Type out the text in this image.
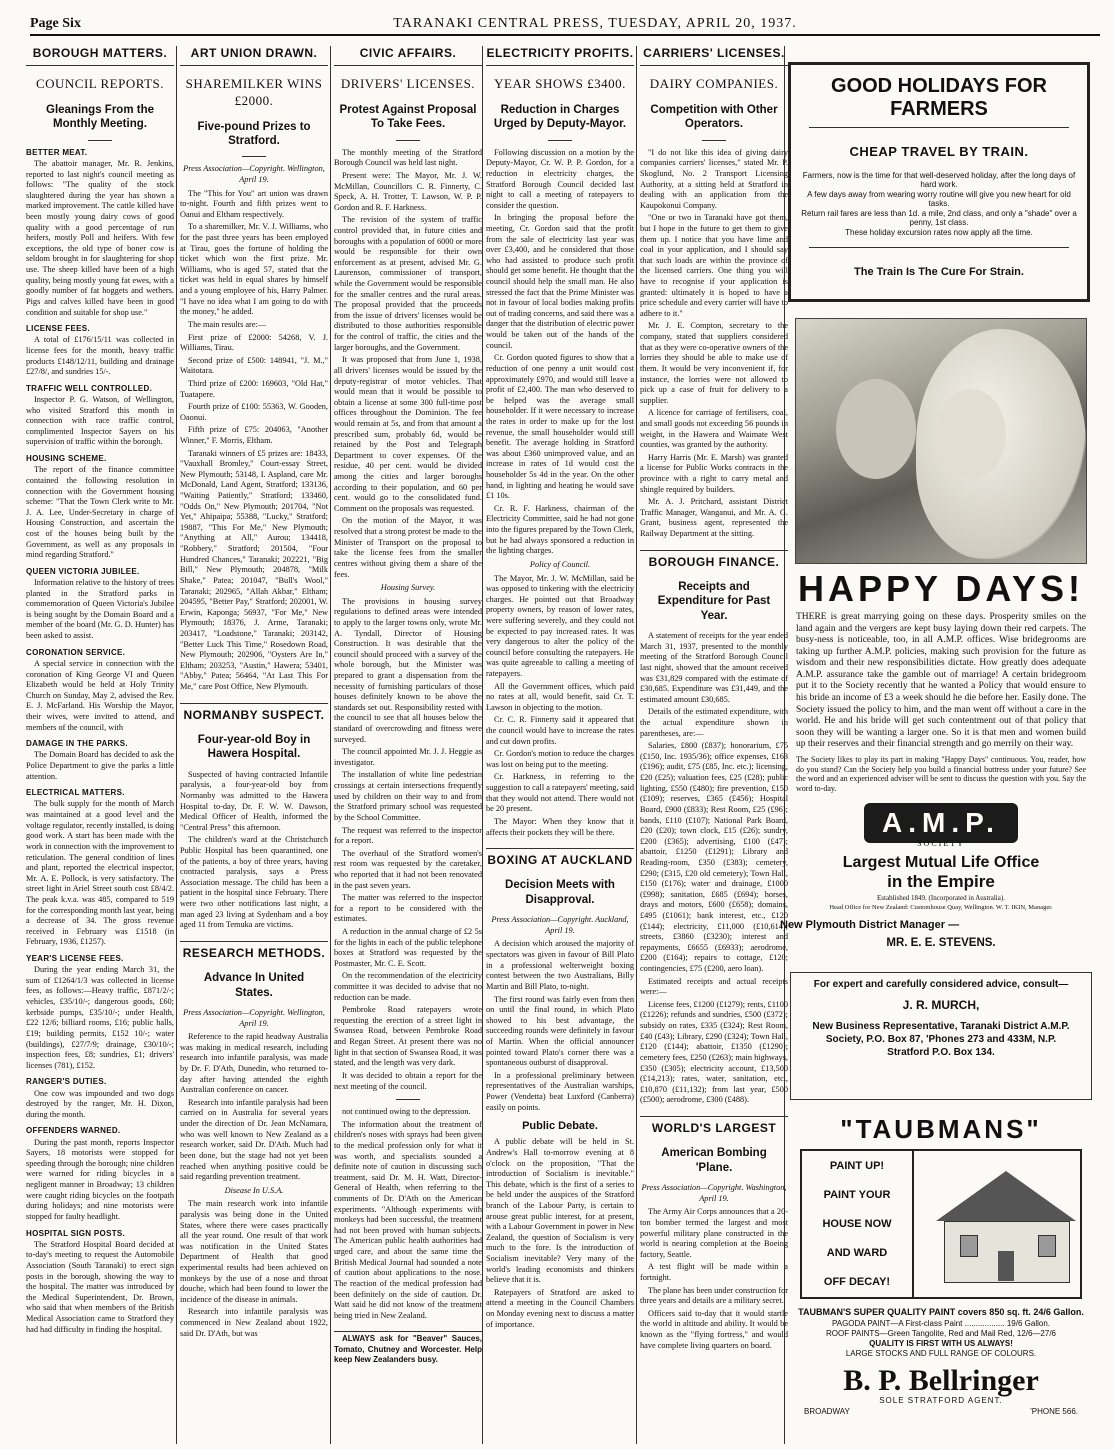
Page Six	TARANAKI CENTRAL PRESS, TUESDAY, APRIL 20, 1937.
BOROUGH MATTERS.
COUNCIL REPORTS.
Gleanings From the Monthly Meeting.
BETTER MEAT.

The abattoir manager, Mr. R. Jenkins, reported to last night's council meeting as follows: "The quality of the stock slaughtered during the year has shown a marked improvement. The cattle killed have been mostly young dairy cows of good quality with a good percentage of run heifers, mostly Poll and heifers. With few exceptions, the old type of boner cow is seldom brought in for slaughtering for shop use. The sheep killed have been of a high quality, being mostly young fat ewes, with a goodly number of fat hoggets and wethers. Pigs and calves killed have been in good condition and suitable for shop use."

LICENSE FEES.

A total of £176/15/11 was collected in license fees for the month, heavy traffic products £148/12/11, building and drainage £27/8/, and sundries 15/-.

TRAFFIC WELL CONTROLLED.

Inspector P. G. Watson, of Wellington, who visited Stratford this month in connection with race traffic control, complimented Inspector Sayers on his supervision of traffic within the borough.

HOUSING SCHEME.

The report of the finance committee contained the following resolution in connection with the Government housing scheme: "That the Town Clerk write to Mr. J. A. Lee, Under-Secretary in charge of Housing Construction, and ascertain the cost of the houses being built by the Government, as well as any proposals in mind regarding Stratford."

QUEEN VICTORIA JUBILEE.

Information relative to the history of trees planted in the Stratford parks in commemoration of Queen Victoria's Jubilee is being sought by the Domain Board and a member of the board (Mr. G. D. Hunter) has been asked to assist.

CORONATION SERVICE.

A special service in connection with the coronation of King George VI and Queen Elizabeth would be held at Holy Trinity Church on Sunday, May 2, advised the Rev. E. J. McFarland. His Worship the Mayor, their wives, were invited to attend, and members of the council, with

DAMAGE IN THE PARKS.

The Domain Board has decided to ask the Police Department to give the parks a little attention.

ELECTRICAL MATTERS.

The bulk supply for the month of March was maintained at a good level and the voltage regulator, recently installed, is doing good work. A start has been made with the work in connection with the improvement to reticulation. The general condition of lines and plant, reported the electrical inspector, Mr. A. E. Pollock, is very satisfactory. The street light in Ariel Street south cost £8/4/2. The peak k.v.a. was 485, compared to 519 for the corresponding month last year, being a decrease of 34. The gross revenue received in February was £1518 (in February, 1936, £1257).

YEAR'S LICENSE FEES.

During the year ending March 31, the sum of £1264/1/3 was collected in license fees, as follows:—Heavy traffic, £871/2/-; vehicles, £35/10/-; dangerous goods, £60; kerbside pumps, £35/10/-; under Health, £22 12/6; billiard rooms, £16; public halls, £19; building permits, £152 10/-; water (buildings), £27/7/9; drainage, £30/10/-; inspection fees, £8; sundries, £1; drivers' licenses (781), £152.

RANGER'S DUTIES.

One cow was impounded and two dogs destroyed by the ranger, Mr. H. Dixon, during the month.

OFFENDERS WARNED.

During the past month, reports Inspector Sayers, 18 motorists were stopped for speeding through the borough; nine children were warned for riding bicycles in a negligent manner in Broadway; 13 children were caught riding bicycles on the footpath during holidays; and nine motorists were stopped for faulty headlight.

HOSPITAL SIGN POSTS.

The Stratford Hospital Board decided at to-day's meeting to request the Automobile Association (South Taranaki) to erect sign posts in the borough, showing the way to the hospital. The matter was introduced by the Medical Superintendent, Dr. Brown, who said that when members of the British Medical Association came to Stratford they had had difficulty in finding the hospital.

ART UNION DRAWN.
SHAREMILKER WINS £2000.
Five-pound Prizes to Stratford.
Press Association—Copyright. Wellington, April 19.

The "This for You" art union was drawn to-night. Fourth and fifth prizes went to Oanui and Eltham respectively.

To a sharemilker, Mr. V. J. Williams, who for the past three years has been employed at Tirau, goes the fortune of holding the ticket which won the first prize. Mr. Williams, who is aged 57, stated that the ticket was held in equal shares by himself and a young employee of his, Harry Palmer. "I have no idea what I am going to do with the money," he added.

The main results are:—

First prize of £2000: 54268, V. J. Williams, Tirau.

Second prize of £500: 148941, "J. M.," Waitotara.

Third prize of £200: 169603, "Old Hat," Tuatapere.

Fourth prize of £100: 55363, W. Gooden, Oaonui.

Fifth prize of £75: 204063, "Another Winner," F. Morris, Eltham.

Taranaki winners of £5 prizes are: 18433, "Vauxhall Bromley," Court-essay Street, New Plymouth; 53148, I. Aspland, care Mr. McDonald, Land Agent, Stratford; 133136, "Waiting Patiently," Stratford; 133460, "Odds On," New Plymouth; 201704, "Not Yet," Ahipaipa; 55388, "Lucky," Stratford; 19887, "This For Me," New Plymouth; "Anything at All," Aurou; 134418, "Robbery," Stratford; 201504, "Four Hundred Chances," Taranaki; 202221, "Big Bill," New Plymouth; 204878, "Milk Shake," Patea; 201047, "Bull's Wool," Taranaki; 202965, "Allah Akbar," Eltham; 204595, "Better Pay," Stratford; 202001, W. Erwin, Kaponga; 56937, "For Me," New Plymouth; 18376, J. Arme, Taranaki; 203417, "Loadstone," Taranaki; 203142, "Better Luck This Time," Rosedown Road, New Plymouth; 202906, "Oysters Are In," Eltham; 203253, "Austin," Hawera; 53401, "Abby," Patea; 56464, "At Last This For Me," care Post Office, New Plymouth.

NORMANBY SUSPECT.
Four-year-old Boy in Hawera Hospital.

Suspected of having contracted Infantile paralysis, a four-year-old boy from Normanby was admitted to the Hawera Hospital to-day, Dr. F. W. W. Dawson, Medical Officer of Health, informed the "Central Press" this afternoon.

The children's ward at the Christchurch Public Hospital has been quarantined, one of the patients, a boy of three years, having contracted paralysis, says a Press Association message. The child has been a patient in the hospital since February. There were two other notifications last night, a man aged 23 living at Sydenham and a boy aged 11 from Temuka are victims.

RESEARCH METHODS.
Advance In United States.
Press Association—Copyright. Wellington, April 19.

Reference to the rapid headway Australia was making in medical research, including research into infantile paralysis, was made by Dr. F. D'Ath, Dunedin, who returned to-day after having attended the eighth Australian conference on cancer.

Research into infantile paralysis had been carried on in Australia for several years under the direction of Dr. Jean McNamara, who was well known to New Zealand as a research worker, said Dr. D'Ath. Much had been done, but the stage had not yet been reached when anything positive could be said regarding prevention treatment.

Disease In U.S.A.

The main research work into infantile paralysis was being done in the United States, where there were cases practically all the year round. One result of that work was notification in the United States Department of Health that good experimental results had been achieved on monkeys by the use of a nose and throat douche, which had been found to lower the incidence of the disease in animals.

Research into infantile paralysis was commenced in New Zealand about 1922, said Dr. D'Ath, but was

CIVIC AFFAIRS.
DRIVERS' LICENSES.
Protest Against Proposal To Take Fees.

The monthly meeting of the Stratford Borough Council was held last night.

Present were: The Mayor, Mr. J. W. McMillan, Councillors C. R. Finnerty, C. Speck, A. H. Trotter, T. Lawson, W. P. P. Gordon and R. F. Harkness.

The revision of the system of traffic control provided that, in future cities and boroughs with a population of 6000 or more would be responsible for their own enforcement as at present, advised Mr. G. Laurenson, commissioner of transport, while the Government would be responsible for the smaller centres and the rural areas. The proposal provided that the proceeds from the issue of drivers' licenses would be distributed to those authorities responsible for the control of traffic, the cities and the larger boroughs, and the Government.

It was proposed that from June 1, 1938, all drivers' licenses would be issued by the deputy-registrar of motor vehicles. That would mean that it would be possible to obtain a license at some 300 full-time post offices throughout the Dominion. The fee would remain at 5s, and from that amount a prescribed sum, probably 6d, would be retained by the Post and Telegraph Department to cover expenses. Of the residue, 40 per cent. would be divided among the cities and larger boroughs according to their population, and 60 per cent. would go to the consolidated fund. Comment on the proposals was requested.

On the motion of the Mayor, it was resolved that a strong protest be made to the Minister of Transport on the proposal to take the license fees from the smaller centres without giving them a share of the fees.

Housing Survey.

The provisions in housing survey regulations to defined areas were intended to apply to the larger towns only, wrote Mr. A. Tyndall, Director of Housing Construction. It was desirable that the council should proceed with a survey of the whole borough, but the Minister was prepared to grant a dispensation from the necessity of furnishing particulars of those houses definitely known to be above the standards set out. Responsibility rested with the council to see that all houses below the standard of overcrowding and fitness were surveyed.

The council appointed Mr. J. J. Heggie as investigator.

The installation of white line pedestrian crossings at certain intersections frequently used by children on their way to and from the Stratford primary school was requested by the School Committee.

The request was referred to the inspector for a report.

The overhaul of the Stratford women's rest room was requested by the caretaker, who reported that it had not been renovated in the past seven years.

The matter was referred to the inspector for a report to be considered with the estimates.

A reduction in the annual charge of £2 5s for the lights in each of the public telephone boxes at Stratford was requested by the Postmaster, Mr. C. E. Scott.

On the recommendation of the electricity committee it was decided to advise that no reduction can be made.

Pembroke Road ratepayers wrote requesting the erection of a street light in Swansea Road, between Pembroke Road and Regan Street. At present there was no light in that section of Swansea Road, it was stated, and the length was very dark.

It was decided to obtain a report for the next meeting of the council.

not continued owing to the depression.

The information about the treatment of children's noses with sprays had been given to the medical profession only for what it was worth, and specialists sounded a definite note of caution in discussing such treatment, said Dr. M. H. Watt, Director-General of Health, when referring to the comments of Dr. D'Ath on the American experiments. "Although experiments with monkeys had been successful, the treatment had not been proved with human subjects. The American public health authorities had urged care, and about the same time the British Medical Journal had sounded a note of caution about applications to the nose. The reaction of the medical profession had been definitely on the side of caution. Dr. Watt said he did not know of the treatment being tried in New Zealand.

ALWAYS ask for "Beaver" Sauces, Tomato, Chutney and Worcester. Help keep New Zealanders busy.

ELECTRICITY PROFITS.
YEAR SHOWS £3400.
Reduction in Charges Urged by Deputy-Mayor.

Following discussion on a motion by the Deputy-Mayor, Cr. W. P. P. Gordon, for a reduction in electricity charges, the Stratford Borough Council decided last night to call a meeting of ratepayers to consider the question.

In bringing the proposal before the meeting, Cr. Gordon said that the profit from the sale of electricity last year was over £3,400, and he considered that those who had assisted to produce such profit should get some benefit. He thought that the council should help the small man. He also stressed the fact that the Prime Minister was not in favour of local bodies making profits out of trading concerns, and said there was a danger that the distribution of electric power would be taken out of the hands of the council.

Cr. Gordon quoted figures to show that a reduction of one penny a unit would cost approximately £970, and would still leave a profit of £2,400. The man who deserved to be helped was the average small householder. If it were necessary to increase the rates in order to make up for the lost revenue, the small householder would still benefit. The average holding in Stratford was about £360 unimproved value, and an increase in rates of 1d would cost the householder 5s 4d in the year. On the other hand, in lighting and heating he would save £1 10s.

Cr. R. F. Harkness, chairman of the Electricity Committee, said he had not gone into the figures prepared by the Town Clerk, but he had always sponsored a reduction in the lighting charges.

Policy of Council.

The Mayor, Mr. J. W. McMillan, said he was opposed to tinkering with the electricity charges. He pointed out that Broadway property owners, by reason of lower rates, were suffering severely, and they could not be expected to pay increased rates. It was very dangerous to alter the policy of the council before consulting the ratepayers. He was quite agreeable to calling a meeting of ratepayers.

All the Government offices, which paid no rates at all, would benefit, said Cr. T. Lawson in objecting to the motion.

Cr. C. R. Finnerty said it appeared that the council would have to increase the rates and cut down profits.

Cr. Gordon's motion to reduce the charges was lost on being put to the meeting.

Cr. Harkness, in referring to the suggestion to call a ratepayers' meeting, said that they would not attend. There would not be 20 present.

The Mayor: When they know that it affects their pockets they will be there.

BOXING AT AUCKLAND
Decision Meets with Disapproval.
Press Association—Copyright. Auckland, April 19.

A decision which aroused the majority of spectators was given in favour of Bill Plato in a professional welterweight boxing contest between the two Australians, Billy Martin and Bill Plato, to-night.

The first round was fairly even from then on until the final round, in which Plato showed to his best advantage, the succeeding rounds were definitely in favour of Martin. When the official announcer pointed toward Plato's corner there was a spontaneous outburst of disapproval.

In a professional preliminary between representatives of the Australian warships, Power (Vendetta) beat Luxford (Canberra) easily on points.

Public Debate.

A public debate will be held in St. Andrew's Hall to-morrow evening at 8 o'clock on the proposition, "That the introduction of Socialism is inevitable." This debate, which is the first of a series to be held under the auspices of the Stratford branch of the Labour Party, is certain to arouse great public interest, for at present, with a Labour Government in power in New Zealand, the question of Socialism is very much to the fore. Is the introduction of Socialism inevitable? Very many of the world's leading economists and thinkers believe that it is.

Ratepayers of Stratford are asked to attend a meeting in the Council Chambers on Monday evening next to discuss a matter of importance.

CARRIERS' LICENSES.
DAIRY COMPANIES.
Competition with Other Operators.

"I do not like this idea of giving dairy companies carriers' licenses," stated Mr. P. Skoglund, No. 2 Transport Licensing Authority, at a sitting held at Stratford in dealing with an application from the Kaupokonui Company.

"One or two in Taranaki have got them, but I hope in the future to get them to give them up. I notice that you have lime and coal in your application, and I should say that such loads are within the province of the licensed carriers. One thing you will have to recognise if your application is granted: ultimately it is hoped to have a price schedule and every carrier will have to adhere to it."

Mr. J. E. Compton, secretary to the company, stated that suppliers considered that as they were co-operative owners of the lorries they should be able to make use of them. It would be very inconvenient if, for instance, the lorries were not allowed to pick up a case of fruit for delivery to a supplier.

A licence for carriage of fertilisers, coal, and small goods not exceeding 56 pounds in weight, in the Hawera and Waimate West counties, was granted by the authority.

Harry Harris (Mr. E. Marsh) was granted a license for Public Works contracts in the province with a right to carry metal and shingle required by builders.

Mr. A. J. Pritchard, assistant District Traffic Manager, Wanganui, and Mr. A. G. Grant, business agent, represented the Railway Department at the sitting.

BOROUGH FINANCE.
Receipts and Expenditure for Past Year.

A statement of receipts for the year ended March 31, 1937, presented to the monthly meeting of the Stratford Borough Council last night, showed that the amount received was £31,829 compared with the estimate of £30,685. Expenditure was £31,449, and the estimated amount £30,685.

Details of the estimated expenditure, with the actual expenditure shown in parentheses, are:—

Salaries, £800 (£837); honorarium, £75 (£150, Inc. 1935/36); office expenses, £163 (£196); audit, £75 (£85, Inc. etc.); licensing, £20 (£25); valuation fees, £25 (£28); public lighting, £550 (£480); fire prevention, £150 (£109); reserves, £365 (£456); Hospital Board, £900 (£833); Rest Room, £25 (£96); bands, £110 (£107); National Park Board, £20 (£20); town clock, £15 (£26); sundry, £200 (£365); advertising, £100 (£47); abattoir, £1250 (£1291); Library and Reading-room, £350 (£383); cemetery, £290; (£315, £20 old cemetery); Town Hall, £150 (£176); water and drainage, £1000 (£998); sanitation, £685 (£694); horses, drays and motors, £600 (£658); domains, £495 (£1061); bank interest, etc., £120 (£144); electricity, £11,000 (£10,614); streets, £3860 (£3230); interest and repayments, £6655 (£6933); aerodrome, £200 (£164); repairs to cottage, £120; contingencies, £75 (£200, aero loan).

Estimated receipts and actual receipts were:—

License fees, £1200 (£1279); rents, £1100 (£1226); refunds and sundries, £500 (£372); subsidy on rates, £335 (£324); Rest Room, £40 (£43); Library, £290 (£324); Town Hall, £120 (£144); abattoir, £1350 (£1290); cemetery fees, £250 (£263); main highways, £350 (£305); electricity account, £13,500 (£14,213); rates, water, sanitation, etc., £10,870 (£11,132); from last year, £500 (£500); aerodrome, £300 (£488).

WORLD'S LARGEST
American Bombing 'Plane.
Press Association—Copyright. Washington, April 19.

The Army Air Corps announces that a 20-ton bomber termed the largest and most powerful military plane constructed in the world is nearing completion at the Boeing factory, Seattle.

A test flight will be made within a fortnight.

The plane has been under construction for three years and details are a military secret.

Officers said to-day that it would startle the world in altitude and ability. It would be known as the "flying fortress," and would have complete living quarters on board.

GOOD HOLIDAYS FOR FARMERS
CHEAP TRAVEL BY TRAIN.
Farmers, now is the time for that well-deserved holiday, after the long days of hard work.
A few days away from wearing worry routine will give you new heart for old tasks.
Return rail fares are less than 1d. a mile, 2nd class, and only a "shade" over a penny, 1st class.
These holiday excursion rates now apply all the time.
The Train Is The Cure For Strain.
HAPPY DAYS!
THERE is great marrying going on these days. Prosperity smiles on the land again and the vergers are kept busy laying down their red carpets. The busy-ness is noticeable, too, in all A.M.P. offices. Wise bridegrooms are taking up further A.M.P. policies, making such provision for the future as wisdom and their new responsibilities dictate. How greatly does adequate A.M.P. assurance take the gamble out of marriage! A certain bridegroom put it to the Society recently that he wanted a Policy that would ensure to his bride an income of £3 a week should he die before her. Easily done. The Society issued the policy to him, and the man went off without a care in the world. He and his bride will get such contentment out of that policy that soon they will be wanting a larger one. So it is that men and women build up their reserves and their financial strength and go merrily on their way.
The Society likes to play its part in making "Happy Days" continuous. You, reader, how do you stand? Can the Society help you build a financial buttress under your future? See the word and an experienced adviser will be sent to discuss the question with you. Say the word to-day.
A.M.P.
SOCIETY
Largest Mutual Life Office
in the Empire
Established 1849. (Incorporated in Australia).
Head Office for New Zealand: Customhouse Quay, Wellington. W. T. IKIN, Manager.
New Plymouth District Manager —
MR. E. E. STEVENS.
For expert and carefully considered advice, consult—
J. R. MURCH,
New Business Representative, Taranaki District A.M.P.
Society, P.O. Box 87, 'Phones 273 and 433M, N.P.
Stratford P.O. Box 134.
"TAUBMANS"
PAINT UP!
PAINT YOUR
HOUSE NOW
AND WARD
OFF DECAY!
TAUBMAN'S SUPER QUALITY PAINT covers 850 sq. ft. 24/6 Gallon.
PAGODA PAINT—A First-class Paint .................. 19/6 Gallon.
ROOF PAINTS—Green Tangolite, Red and Mail Red, 12/6—27/6
QUALITY IS FIRST WITH US ALWAYS!
LARGE STOCKS AND FULL RANGE OF COLOURS.
B. P. Bellringer
SOLE STRATFORD AGENT.
BROADWAY	'PHONE 566.
